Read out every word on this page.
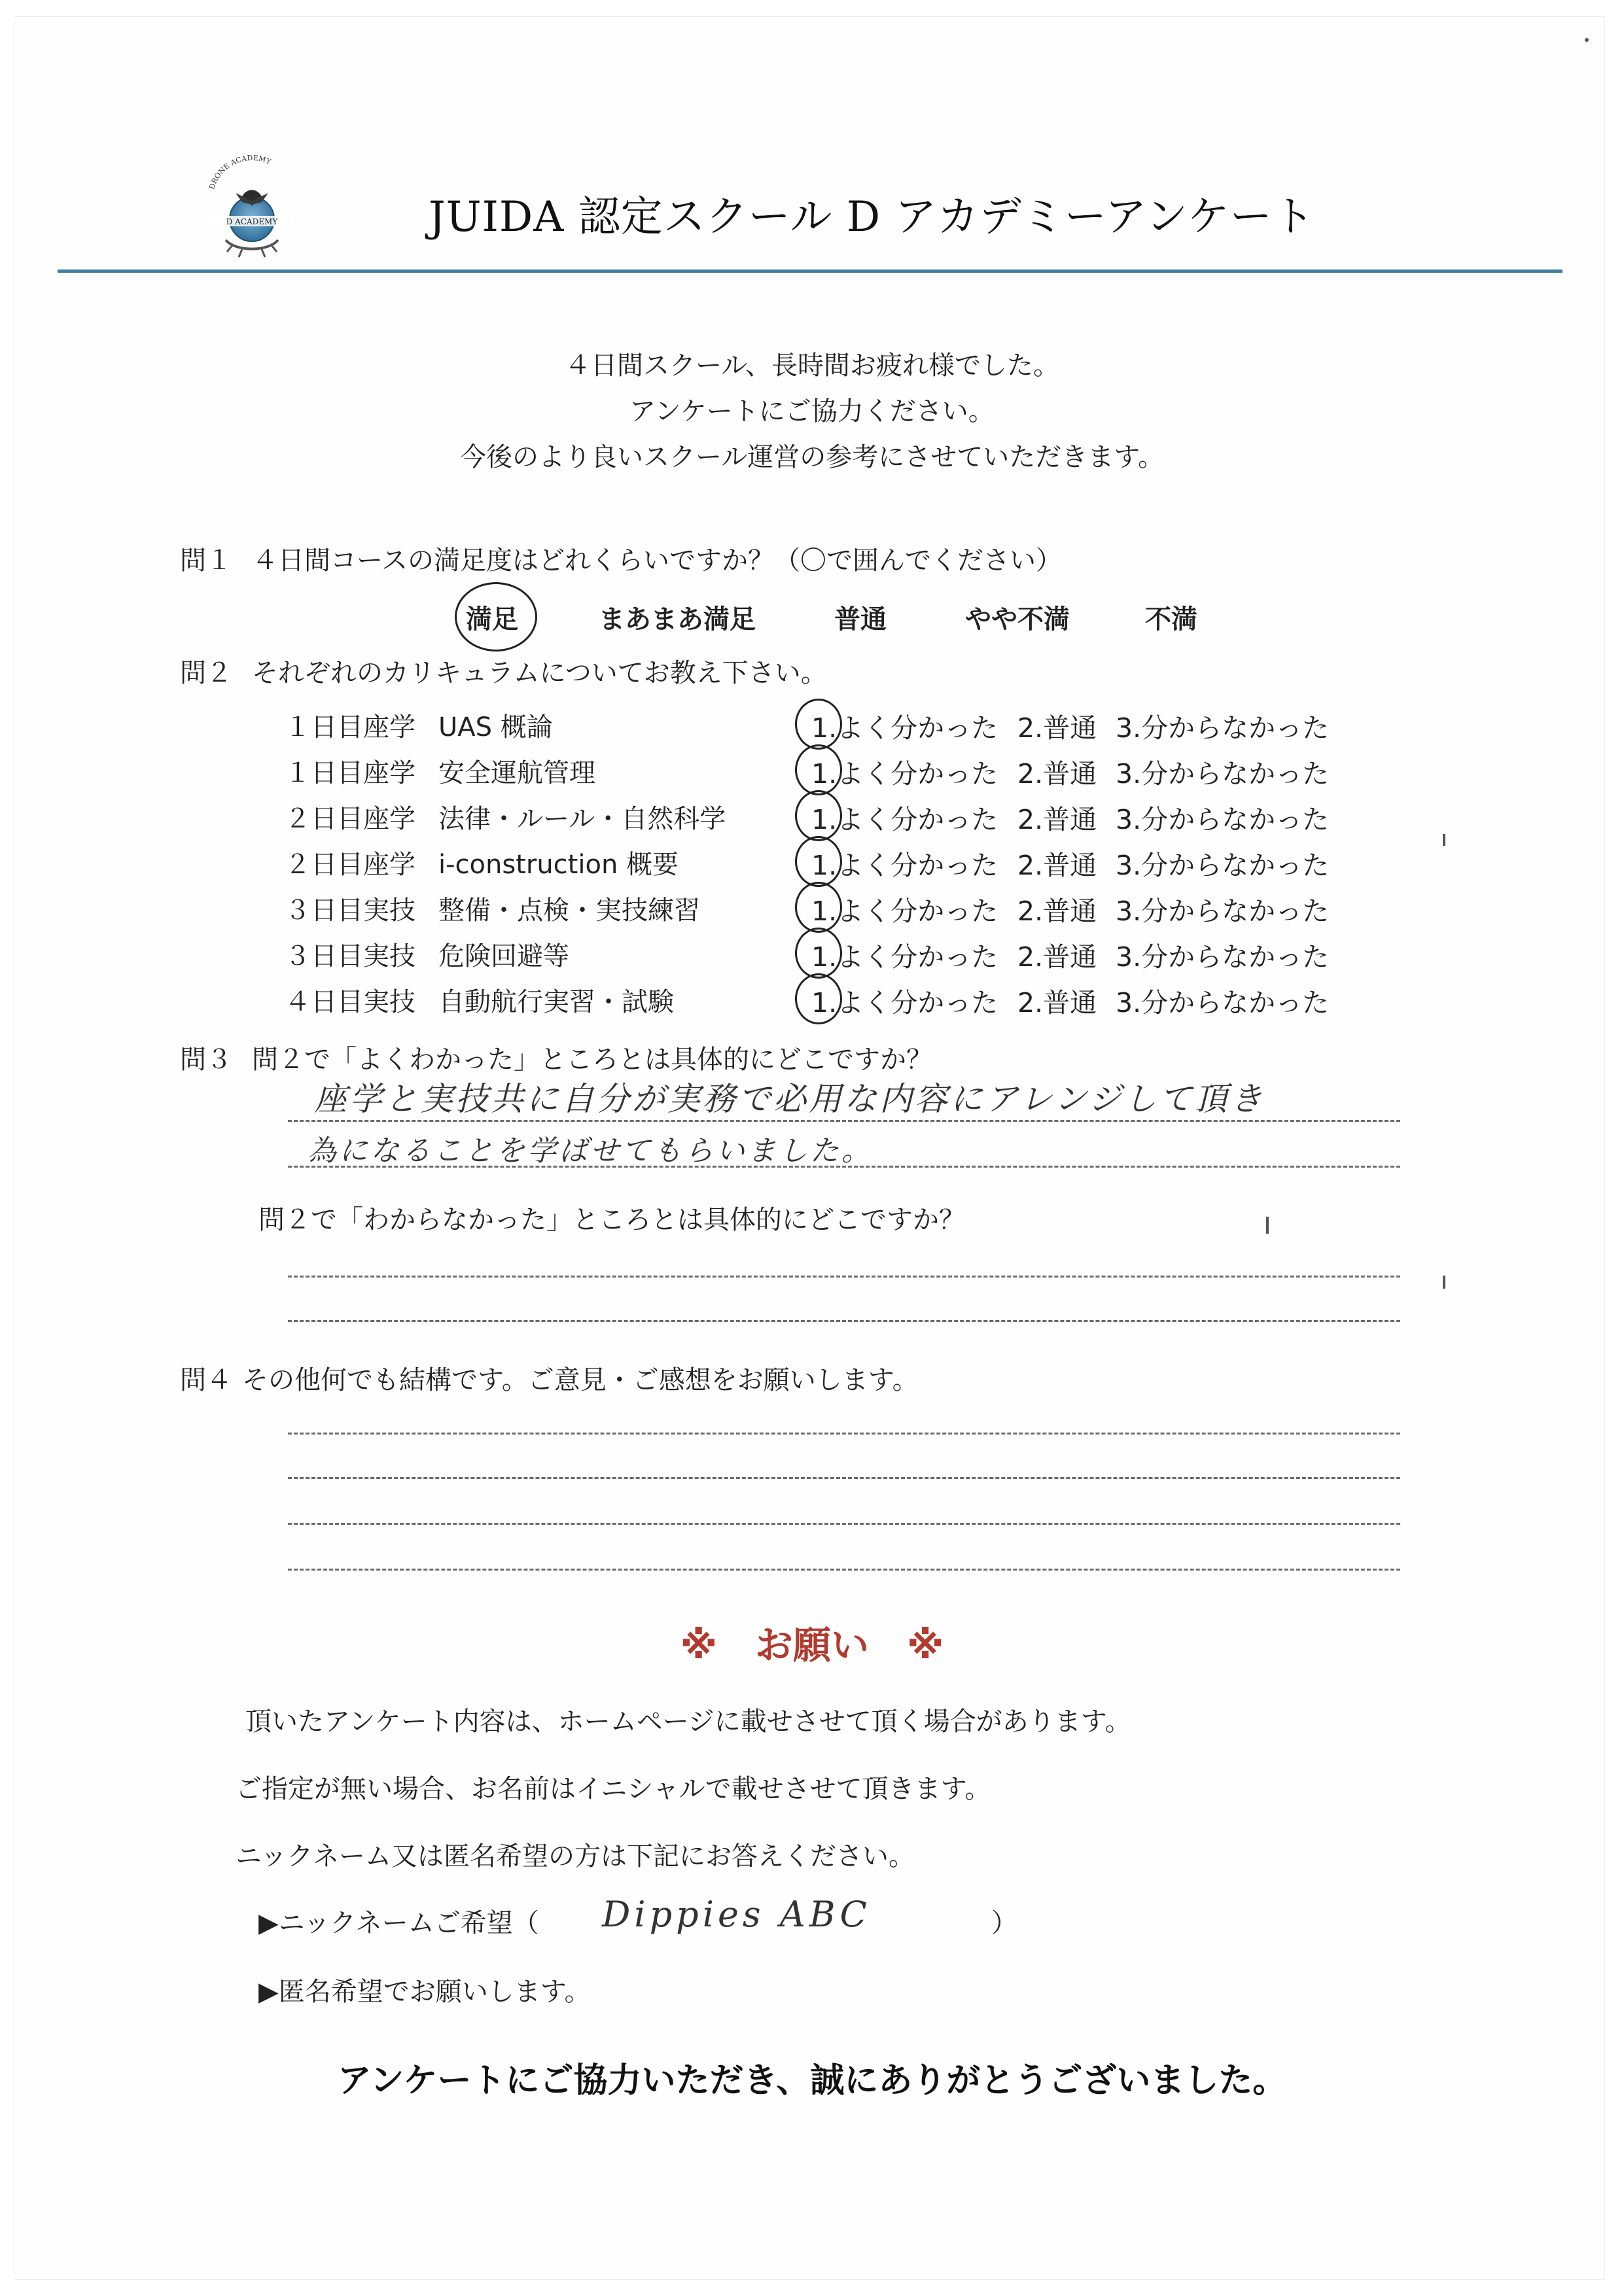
DRONE ACADEMY
D ACADEMY	JUIDA 認定スクール D アカデミーアンケート
４日間スクール、長時間お疲れ様でした。
アンケートにご協力ください。
今後のより良いスクール運営の参考にさせていただきます。
問１ ４日間コースの満足度はどれくらいですか？（〇で囲んでください）
満足	まあまあ満足	普通	やや不満	不満
問２ それぞれのカリキュラムについてお教え下さい。
１日目座学 UAS 概論	1.よく分かった 2.普通 3.分からなかった
１日目座学 安全運航管理	1.よく分かった 2.普通 3.分からなかった
２日目座学 法律・ルール・自然科学	1.よく分かった 2.普通 3.分からなかった
２日目座学 i-construction 概要	1.よく分かった 2.普通 3.分からなかった
３日目実技 整備・点検・実技練習	1.よく分かった 2.普通 3.分からなかった
３日目実技 危険回避等	1.よく分かった 2.普通 3.分からなかった
４日目実技 自動航行実習・試験	1.よく分かった 2.普通 3.分からなかった
問３ 問２で「よくわかった」ところとは具体的にどこですか？
座学と実技共に自分が実務で必用な内容にアレンジして頂き
為になることを学ばせてもらいました。
問２で「わからなかった」ところとは具体的にどこですか？
問４ その他何でも結構です。ご意見・ご感想をお願いします。
※　お願い　※
頂いたアンケート内容は、ホームページに載せさせて頂く場合があります。
ご指定が無い場合、お名前はイニシャルで載せさせて頂きます。
ニックネーム又は匿名希望の方は下記にお答えください。
▶ニックネームご希望（ Dippies ABC	）
▶匿名希望でお願いします。
アンケートにご協力いただき、誠にありがとうございました。
